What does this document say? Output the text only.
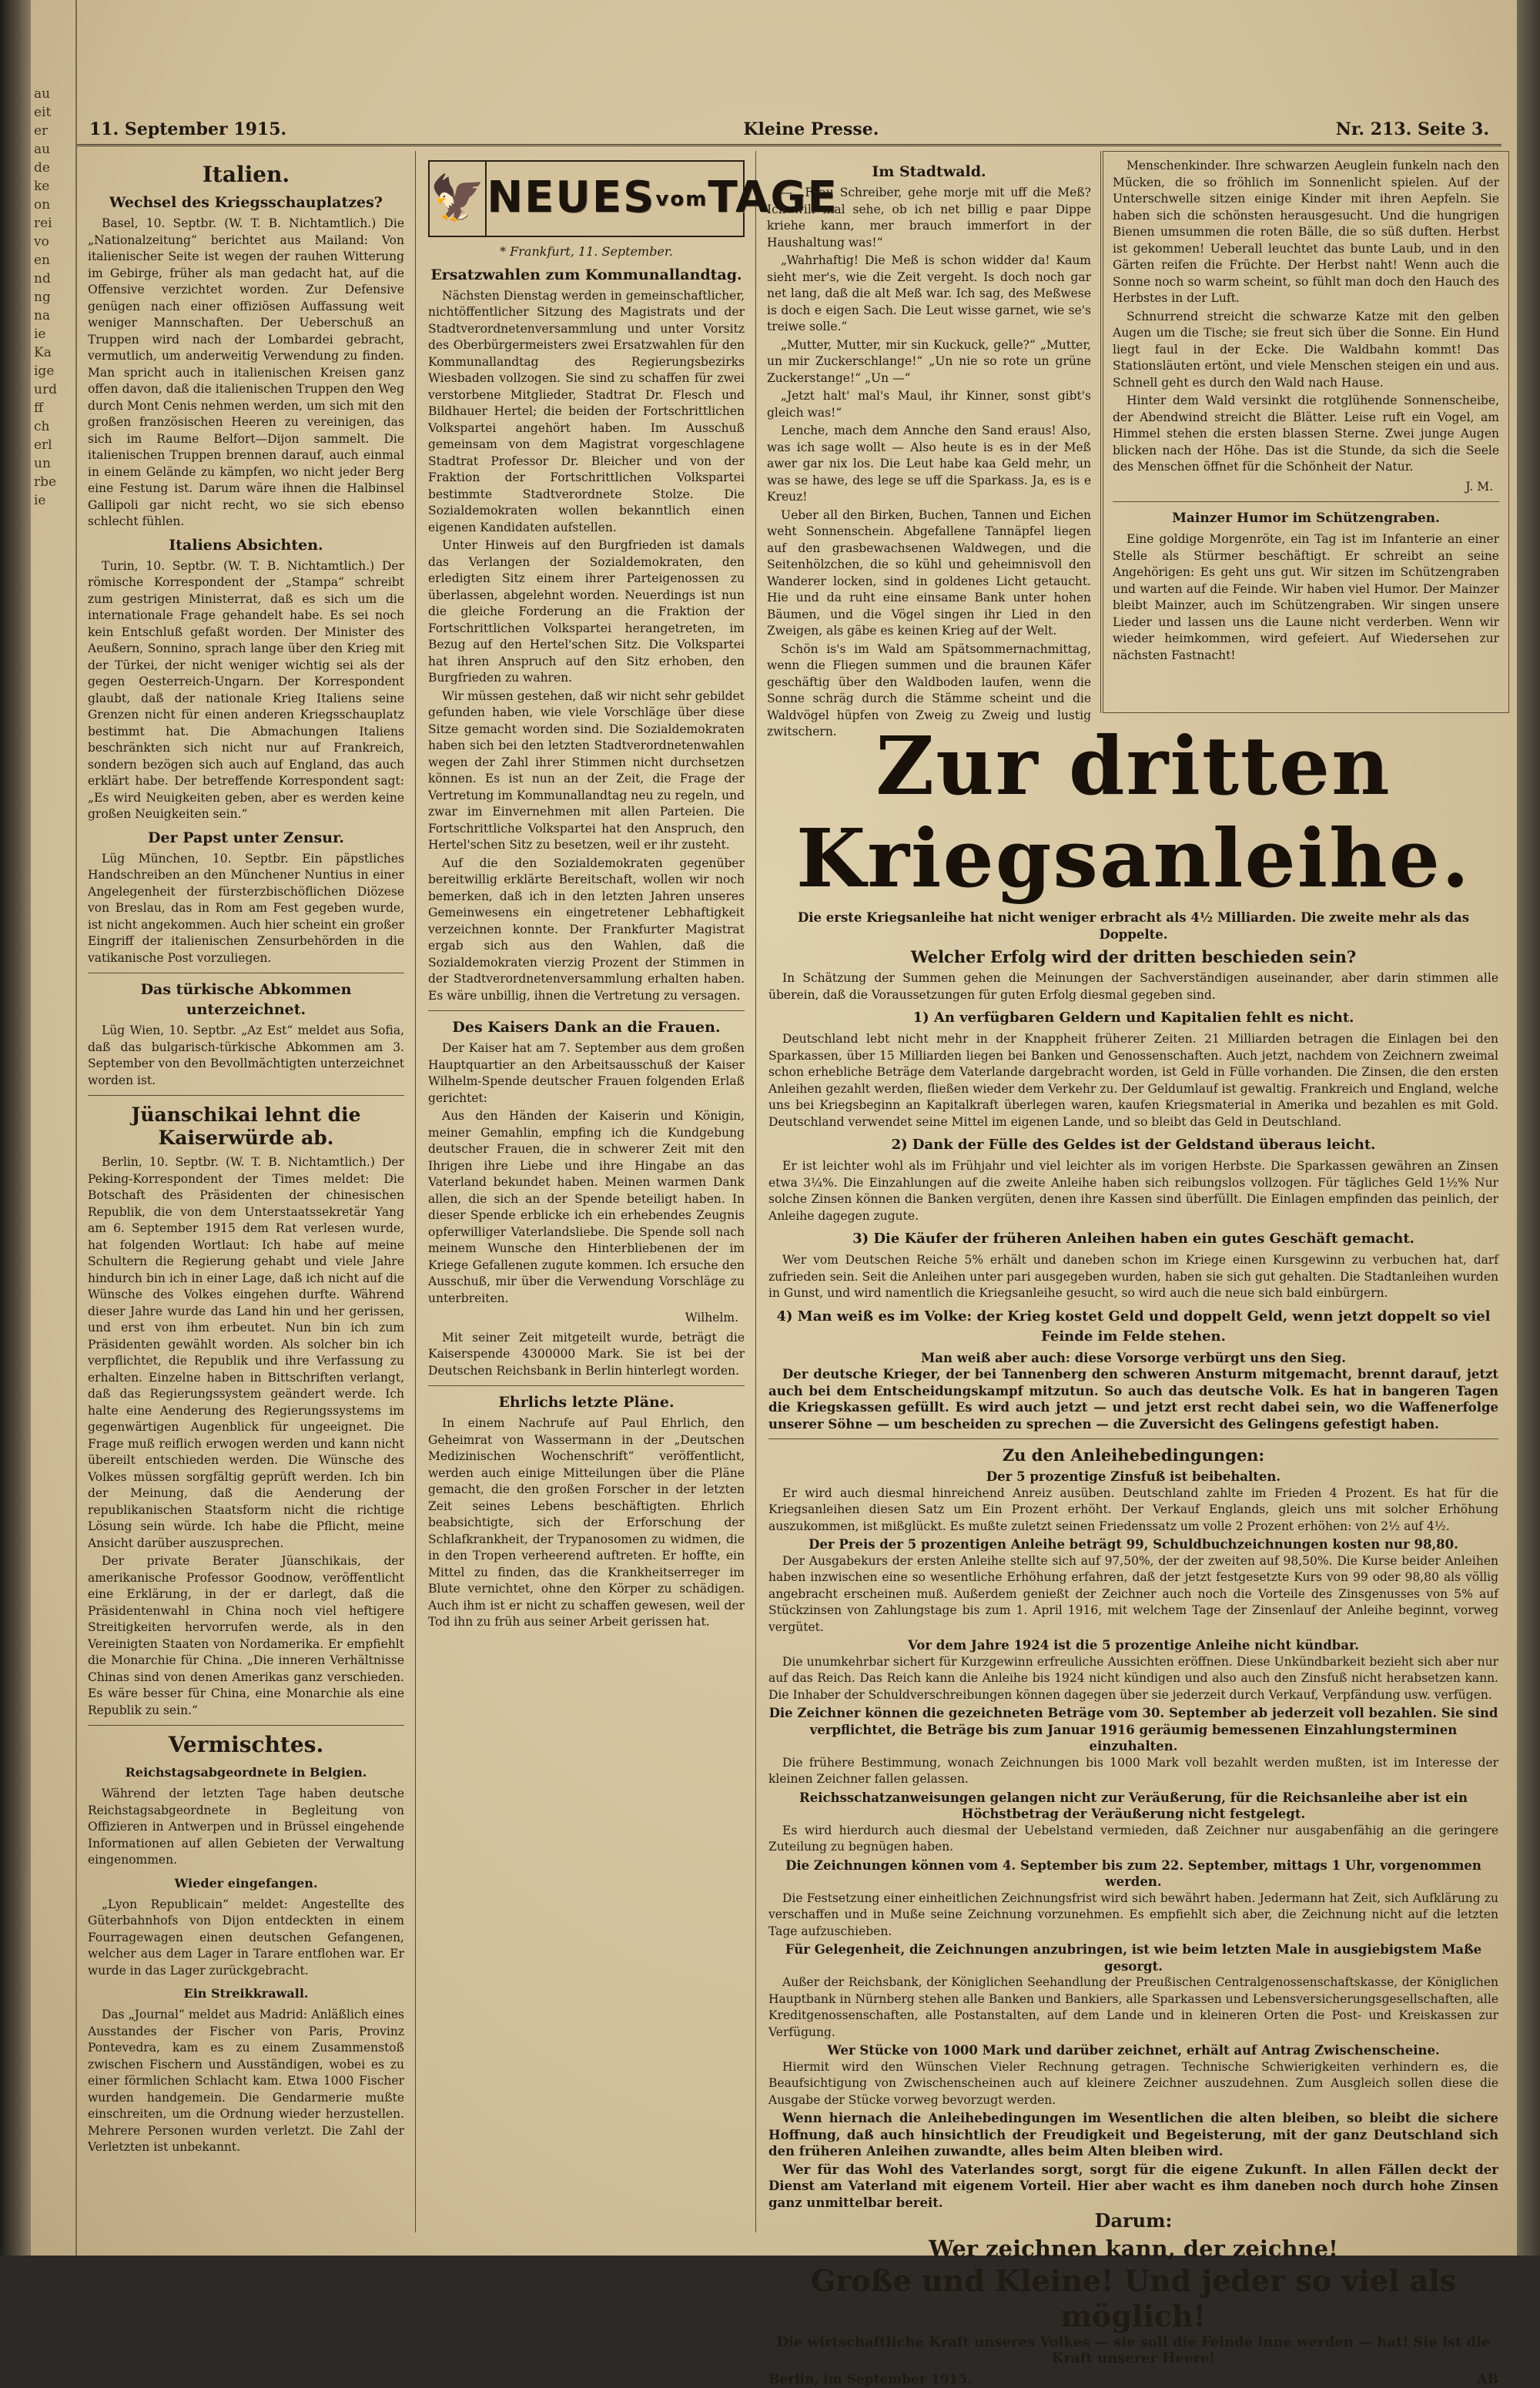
au
eit
er
au
de
ke
on
rei
vo
en
nd
ng
na
ie
Ka
ige
urd
ff
ch
erl
un
rbe
ie
11. September 1915.	Kleine Presse.	Nr. 213. Seite 3.
Italien.
Wechsel des Kriegsschauplatzes?

Basel, 10. Septbr. (W. T. B. Nichtamtlich.) Die „Nationalzeitung“ berichtet aus Mailand: Von italienischer Seite ist wegen der rauhen Witterung im Gebirge, früher als man gedacht hat, auf die Offensive verzichtet worden. Zur Defensive genügen nach einer offiziösen Auffassung weit weniger Mannschaften. Der Ueberschuß an Truppen wird nach der Lombardei gebracht, vermutlich, um anderweitig Verwendung zu finden. Man spricht auch in italienischen Kreisen ganz offen davon, daß die italienischen Truppen den Weg durch Mont Cenis nehmen werden, um sich mit den großen französischen Heeren zu vereinigen, das sich im Raume Belfort—Dijon sammelt. Die italienischen Truppen brennen darauf, auch einmal in einem Gelände zu kämpfen, wo nicht jeder Berg eine Festung ist. Darum wäre ihnen die Halbinsel Gallipoli gar nicht recht, wo sie sich ebenso schlecht fühlen.

Italiens Absichten.

Turin, 10. Septbr. (W. T. B. Nichtamtlich.) Der römische Korrespondent der „Stampa“ schreibt zum gestrigen Ministerrat, daß es sich um die internationale Frage gehandelt habe. Es sei noch kein Entschluß gefaßt worden. Der Minister des Aeußern, Sonnino, sprach lange über den Krieg mit der Türkei, der nicht weniger wichtig sei als der gegen Oesterreich-Ungarn. Der Korrespondent glaubt, daß der nationale Krieg Italiens seine Grenzen nicht für einen anderen Kriegsschauplatz bestimmt hat. Die Abmachungen Italiens beschränkten sich nicht nur auf Frankreich, sondern bezögen sich auch auf England, das auch erklärt habe. Der betreffende Korrespondent sagt: „Es wird Neuigkeiten geben, aber es werden keine großen Neuigkeiten sein.“

Der Papst unter Zensur.

Lüg München, 10. Septbr. Ein päpstliches Handschreiben an den Münchener Nuntius in einer Angelegenheit der fürsterzbischöflichen Diözese von Breslau, das in Rom am Fest gegeben wurde, ist nicht angekommen. Auch hier scheint ein großer Eingriff der italienischen Zensurbehörden in die vatikanische Post vorzuliegen.

Das türkische Abkommen unterzeichnet.

Lüg Wien, 10. Septbr. „Az Est“ meldet aus Sofia, daß das bulgarisch-türkische Abkommen am 3. September von den Bevollmächtigten unterzeichnet worden ist.

Jüanschikai lehnt die Kaiserwürde ab.

Berlin, 10. Septbr. (W. T. B. Nichtamtlich.) Der Peking-Korrespondent der Times meldet: Die Botschaft des Präsidenten der chinesischen Republik, die von dem Unterstaatssekretär Yang am 6. September 1915 dem Rat verlesen wurde, hat folgenden Wortlaut: Ich habe auf meine Schultern die Regierung gehabt und viele Jahre hindurch bin ich in einer Lage, daß ich nicht auf die Wünsche des Volkes eingehen durfte. Während dieser Jahre wurde das Land hin und her gerissen, und erst von ihm erbeutet. Nun bin ich zum Präsidenten gewählt worden. Als solcher bin ich verpflichtet, die Republik und ihre Verfassung zu erhalten. Einzelne haben in Bittschriften verlangt, daß das Regierungssystem geändert werde. Ich halte eine Aenderung des Regierungssystems im gegenwärtigen Augenblick für ungeeignet. Die Frage muß reiflich erwogen werden und kann nicht übereilt entschieden werden. Die Wünsche des Volkes müssen sorgfältig geprüft werden. Ich bin der Meinung, daß die Aenderung der republikanischen Staatsform nicht die richtige Lösung sein würde. Ich habe die Pflicht, meine Ansicht darüber auszusprechen.

Der private Berater Jüanschikais, der amerikanische Professor Goodnow, veröffentlicht eine Erklärung, in der er darlegt, daß die Präsidentenwahl in China noch viel heftigere Streitigkeiten hervorrufen werde, als in den Vereinigten Staaten von Nordamerika. Er empfiehlt die Monarchie für China. „Die inneren Verhältnisse Chinas sind von denen Amerikas ganz verschieden. Es wäre besser für China, eine Monarchie als eine Republik zu sein.“

Vermischtes.
Reichstagsabgeordnete in Belgien.

Während der letzten Tage haben deutsche Reichstagsabgeordnete in Begleitung von Offizieren in Antwerpen und in Brüssel eingehende Informationen auf allen Gebieten der Verwaltung eingenommen.

Wieder eingefangen.

„Lyon Republicain“ meldet: Angestellte des Güterbahnhofs von Dijon entdeckten in einem Fourragewagen einen deutschen Gefangenen, welcher aus dem Lager in Tarare entflohen war. Er wurde in das Lager zurückgebracht.

Ein Streikkrawall.

Das „Journal“ meldet aus Madrid: Anläßlich eines Ausstandes der Fischer von Paris, Provinz Pontevedra, kam es zu einem Zusammenstoß zwischen Fischern und Ausständigen, wobei es zu einer förmlichen Schlacht kam. Etwa 1000 Fischer wurden handgemein. Die Gendarmerie mußte einschreiten, um die Ordnung wieder herzustellen. Mehrere Personen wurden verletzt. Die Zahl der Verletzten ist unbekannt.

🦅 NEUESvomTAGE
* Frankfurt, 11. September.
Ersatzwahlen zum Kommunallandtag.

Nächsten Dienstag werden in gemeinschaftlicher, nichtöffentlicher Sitzung des Magistrats und der Stadtverordnetenversammlung und unter Vorsitz des Oberbürgermeisters zwei Ersatzwahlen für den Kommunallandtag des Regierungsbezirks Wiesbaden vollzogen. Sie sind zu schaffen für zwei verstorbene Mitglieder, Stadtrat Dr. Flesch und Bildhauer Hertel; die beiden der Fortschrittlichen Volkspartei angehört haben. Im Ausschuß gemeinsam von dem Magistrat vorgeschlagene Stadtrat Professor Dr. Bleicher und von der Fraktion der Fortschrittlichen Volkspartei bestimmte Stadtverordnete Stolze. Die Sozialdemokraten wollen bekanntlich einen eigenen Kandidaten aufstellen.

Unter Hinweis auf den Burgfrieden ist damals das Verlangen der Sozialdemokraten, den erledigten Sitz einem ihrer Parteigenossen zu überlassen, abgelehnt worden. Neuerdings ist nun die gleiche Forderung an die Fraktion der Fortschrittlichen Volkspartei herangetreten, im Bezug auf den Hertel'schen Sitz. Die Volkspartei hat ihren Anspruch auf den Sitz erhoben, den Burgfrieden zu wahren.

Wir müssen gestehen, daß wir nicht sehr gebildet gefunden haben, wie viele Vorschläge über diese Sitze gemacht worden sind. Die Sozialdemokraten haben sich bei den letzten Stadtverordnetenwahlen wegen der Zahl ihrer Stimmen nicht durchsetzen können. Es ist nun an der Zeit, die Frage der Vertretung im Kommunallandtag neu zu regeln, und zwar im Einvernehmen mit allen Parteien. Die Fortschrittliche Volkspartei hat den Anspruch, den Hertel'schen Sitz zu besetzen, weil er ihr zusteht.

Auf die den Sozialdemokraten gegenüber bereitwillig erklärte Bereitschaft, wollen wir noch bemerken, daß ich in den letzten Jahren unseres Gemeinwesens ein eingetretener Lebhaftigkeit verzeichnen konnte. Der Frankfurter Magistrat ergab sich aus den Wahlen, daß die Sozialdemokraten vierzig Prozent der Stimmen in der Stadtverordnetenversammlung erhalten haben. Es wäre unbillig, ihnen die Vertretung zu versagen.

Des Kaisers Dank an die Frauen.

Der Kaiser hat am 7. September aus dem großen Hauptquartier an den Arbeitsausschuß der Kaiser Wilhelm-Spende deutscher Frauen folgenden Erlaß gerichtet:

Aus den Händen der Kaiserin und Königin, meiner Gemahlin, empfing ich die Kundgebung deutscher Frauen, die in schwerer Zeit mit den Ihrigen ihre Liebe und ihre Hingabe an das Vaterland bekundet haben. Meinen warmen Dank allen, die sich an der Spende beteiligt haben. In dieser Spende erblicke ich ein erhebendes Zeugnis opferwilliger Vaterlandsliebe. Die Spende soll nach meinem Wunsche den Hinterbliebenen der im Kriege Gefallenen zugute kommen. Ich ersuche den Ausschuß, mir über die Verwendung Vorschläge zu unterbreiten.

Wilhelm.

Mit seiner Zeit mitgeteilt wurde, beträgt die Kaiserspende 4300000 Mark. Sie ist bei der Deutschen Reichsbank in Berlin hinterlegt worden.

Ehrlichs letzte Pläne.

In einem Nachrufe auf Paul Ehrlich, den Geheimrat von Wassermann in der „Deutschen Medizinischen Wochenschrift“ veröffentlicht, werden auch einige Mitteilungen über die Pläne gemacht, die den großen Forscher in der letzten Zeit seines Lebens beschäftigten. Ehrlich beabsichtigte, sich der Erforschung der Schlafkrankheit, der Trypanosomen zu widmen, die in den Tropen verheerend auftreten. Er hoffte, ein Mittel zu finden, das die Krankheitserreger im Blute vernichtet, ohne den Körper zu schädigen. Auch ihm ist er nicht zu schaffen gewesen, weil der Tod ihn zu früh aus seiner Arbeit gerissen hat.

Im Stadtwald.

— „Frau Schreiber, gehe morje mit uff die Meß? Ich will mal sehe, ob ich net billig e paar Dippe kriehe kann, mer brauch immerfort in der Haushaltung was!“

„Wahrhaftig! Die Meß is schon widder da! Kaum sieht mer's, wie die Zeit vergeht. Is doch noch gar net lang, daß die alt Meß war. Ich sag, des Meßwese is doch e eigen Sach. Die Leut wisse garnet, wie se's treiwe solle.“

„Mutter, Mutter, mir sin Kuckuck, gelle?“ „Mutter, un mir Zuckerschlange!“ „Un nie so rote un grüne Zuckerstange!“ „Un —“

„Jetzt halt' mal's Maul, ihr Kinner, sonst gibt's gleich was!“

Lenche, mach dem Annche den Sand eraus! Also, was ich sage wollt — Also heute is es in der Meß awer gar nix los. Die Leut habe kaa Geld mehr, un was se hawe, des lege se uff die Sparkass. Ja, es is e Kreuz!

Ueber all den Birken, Buchen, Tannen und Eichen weht Sonnenschein. Abgefallene Tannäpfel liegen auf den grasbewachsenen Waldwegen, und die Seitenhölzchen, die so kühl und geheimnisvoll den Wanderer locken, sind in goldenes Licht getaucht. Hie und da ruht eine einsame Bank unter hohen Bäumen, und die Vögel singen ihr Lied in den Zweigen, als gäbe es keinen Krieg auf der Welt.

Schön is's im Wald am Spätsommernachmittag, wenn die Fliegen summen und die braunen Käfer geschäftig über den Waldboden laufen, wenn die Sonne schräg durch die Stämme scheint und die Waldvögel hüpfen von Zweig zu Zweig und lustig zwitschern.

Menschenkinder. Ihre schwarzen Aeuglein funkeln nach den Mücken, die so fröhlich im Sonnenlicht spielen. Auf der Unterschwelle sitzen einige Kinder mit ihren Aepfeln. Sie haben sich die schönsten herausgesucht. Und die hungrigen Bienen umsummen die roten Bälle, die so süß duften. Herbst ist gekommen! Ueberall leuchtet das bunte Laub, und in den Gärten reifen die Früchte. Der Herbst naht! Wenn auch die Sonne noch so warm scheint, so fühlt man doch den Hauch des Herbstes in der Luft.

Schnurrend streicht die schwarze Katze mit den gelben Augen um die Tische; sie freut sich über die Sonne. Ein Hund liegt faul in der Ecke. Die Waldbahn kommt! Das Stationsläuten ertönt, und viele Menschen steigen ein und aus. Schnell geht es durch den Wald nach Hause.

Hinter dem Wald versinkt die rotglühende Sonnenscheibe, der Abendwind streicht die Blätter. Leise ruft ein Vogel, am Himmel stehen die ersten blassen Sterne. Zwei junge Augen blicken nach der Höhe. Das ist die Stunde, da sich die Seele des Menschen öffnet für die Schönheit der Natur.

J. M.
Mainzer Humor im Schützengraben.

Eine goldige Morgenröte, ein Tag ist im Infanterie an einer Stelle als Stürmer beschäftigt. Er schreibt an seine Angehörigen: Es geht uns gut. Wir sitzen im Schützengraben und warten auf die Feinde. Wir haben viel Humor. Der Mainzer bleibt Mainzer, auch im Schützengraben. Wir singen unsere Lieder und lassen uns die Laune nicht verderben. Wenn wir wieder heimkommen, wird gefeiert. Auf Wiedersehen zur nächsten Fastnacht!

Zur dritten Kriegsanleihe.
Die erste Kriegsanleihe hat nicht weniger erbracht als 4½ Milliarden. Die zweite mehr als das Doppelte.
Welcher Erfolg wird der dritten beschieden sein?

In Schätzung der Summen gehen die Meinungen der Sachverständigen auseinander, aber darin stimmen alle überein, daß die Voraussetzungen für guten Erfolg diesmal gegeben sind.

1) An verfügbaren Geldern und Kapitalien fehlt es nicht.

Deutschland lebt nicht mehr in der Knappheit früherer Zeiten. 21 Milliarden betragen die Einlagen bei den Sparkassen, über 15 Milliarden liegen bei Banken und Genossenschaften. Auch jetzt, nachdem von Zeichnern zweimal schon erhebliche Beträge dem Vaterlande dargebracht worden, ist Geld in Fülle vorhanden. Die Zinsen, die den ersten Anleihen gezahlt werden, fließen wieder dem Verkehr zu. Der Geldumlauf ist gewaltig. Frankreich und England, welche uns bei Kriegsbeginn an Kapitalkraft überlegen waren, kaufen Kriegsmaterial in Amerika und bezahlen es mit Gold. Deutschland verwendet seine Mittel im eigenen Lande, und so bleibt das Geld in Deutschland.

2) Dank der Fülle des Geldes ist der Geldstand überaus leicht.

Er ist leichter wohl als im Frühjahr und viel leichter als im vorigen Herbste. Die Sparkassen gewähren an Zinsen etwa 3¼%. Die Einzahlungen auf die zweite Anleihe haben sich reibungslos vollzogen. Für tägliches Geld 1½% Nur solche Zinsen können die Banken vergüten, denen ihre Kassen sind überfüllt. Die Einlagen empfinden das peinlich, der Anleihe dagegen zugute.

3) Die Käufer der früheren Anleihen haben ein gutes Geschäft gemacht.

Wer vom Deutschen Reiche 5% erhält und daneben schon im Kriege einen Kursgewinn zu verbuchen hat, darf zufrieden sein. Seit die Anleihen unter pari ausgegeben wurden, haben sie sich gut gehalten. Die Stadtanleihen wurden in Gunst, und wird namentlich die Kriegsanleihe gesucht, so wird auch die neue sich bald einbürgern.

4) Man weiß es im Volke: der Krieg kostet Geld und doppelt Geld, wenn jetzt doppelt so viel Feinde im Felde stehen.
Man weiß aber auch: diese Vorsorge verbürgt uns den Sieg.

Der deutsche Krieger, der bei Tannenberg den schweren Ansturm mitgemacht, brennt darauf, jetzt auch bei dem Entscheidungskampf mitzutun. So auch das deutsche Volk. Es hat in bangeren Tagen die Kriegskassen gefüllt. Es wird auch jetzt — und jetzt erst recht dabei sein, wo die Waffenerfolge unserer Söhne — um bescheiden zu sprechen — die Zuversicht des Gelingens gefestigt haben.

Zu den Anleihebedingungen:
Der 5 prozentige Zinsfuß ist beibehalten.

Er wird auch diesmal hinreichend Anreiz ausüben. Deutschland zahlte im Frieden 4 Prozent. Es hat für die Kriegsanleihen diesen Satz um Ein Prozent erhöht. Der Verkauf Englands, gleich uns mit solcher Erhöhung auszukommen, ist mißglückt. Es mußte zuletzt seinen Friedenssatz um volle 2 Prozent erhöhen: von 2½ auf 4½.

Der Preis der 5 prozentigen Anleihe beträgt 99, Schuldbuchzeichnungen kosten nur 98,80.

Der Ausgabekurs der ersten Anleihe stellte sich auf 97,50%, der der zweiten auf 98,50%. Die Kurse beider Anleihen haben inzwischen eine so wesentliche Erhöhung erfahren, daß der jetzt festgesetzte Kurs von 99 oder 98,80 als völlig angebracht erscheinen muß. Außerdem genießt der Zeichner auch noch die Vorteile des Zinsgenusses von 5% auf Stückzinsen von Zahlungstage bis zum 1. April 1916, mit welchem Tage der Zinsenlauf der Anleihe beginnt, vorweg vergütet.

Vor dem Jahre 1924 ist die 5 prozentige Anleihe nicht kündbar.

Die unumkehrbar sichert für Kurzgewinn erfreuliche Aussichten eröffnen. Diese Unkündbarkeit bezieht sich aber nur auf das Reich. Das Reich kann die Anleihe bis 1924 nicht kündigen und also auch den Zinsfuß nicht herabsetzen kann. Die Inhaber der Schuldverschreibungen können dagegen über sie jederzeit durch Verkauf, Verpfändung usw. verfügen.

Die Zeichner können die gezeichneten Beträge vom 30. September ab jederzeit voll bezahlen. Sie sind verpflichtet, die Beträge bis zum Januar 1916 geräumig bemessenen Einzahlungsterminen einzuhalten.

Die frühere Bestimmung, wonach Zeichnungen bis 1000 Mark voll bezahlt werden mußten, ist im Interesse der kleinen Zeichner fallen gelassen.

Reichsschatzanweisungen gelangen nicht zur Veräußerung, für die Reichsanleihe aber ist ein Höchstbetrag der Veräußerung nicht festgelegt.

Es wird hierdurch auch diesmal der Uebelstand vermieden, daß Zeichner nur ausgabenfähig an die geringere Zuteilung zu begnügen haben.

Die Zeichnungen können vom 4. September bis zum 22. September, mittags 1 Uhr, vorgenommen werden.

Die Festsetzung einer einheitlichen Zeichnungsfrist wird sich bewährt haben. Jedermann hat Zeit, sich Aufklärung zu verschaffen und in Muße seine Zeichnung vorzunehmen. Es empfiehlt sich aber, die Zeichnung nicht auf die letzten Tage aufzuschieben.

Für Gelegenheit, die Zeichnungen anzubringen, ist wie beim letzten Male in ausgiebigstem Maße gesorgt.

Außer der Reichsbank, der Königlichen Seehandlung der Preußischen Centralgenossenschaftskasse, der Königlichen Hauptbank in Nürnberg stehen alle Banken und Bankiers, alle Sparkassen und Lebensversicherungsgesellschaften, alle Kreditgenossenschaften, alle Postanstalten, auf dem Lande und in kleineren Orten die Post- und Kreiskassen zur Verfügung.

Wer Stücke von 1000 Mark und darüber zeichnet, erhält auf Antrag Zwischenscheine.

Hiermit wird den Wünschen Vieler Rechnung getragen. Technische Schwierigkeiten verhindern es, die Beaufsichtigung von Zwischenscheinen auch auf kleinere Zeichner auszudehnen. Zum Ausgleich sollen diese die Ausgabe der Stücke vorweg bevorzugt werden.

Wenn hiernach die Anleihebedingungen im Wesentlichen die alten bleiben, so bleibt die sichere Hoffnung, daß auch hinsichtlich der Freudigkeit und Begeisterung, mit der ganz Deutschland sich den früheren Anleihen zuwandte, alles beim Alten bleiben wird.

Wer für das Wohl des Vaterlandes sorgt, sorgt für die eigene Zukunft. In allen Fällen deckt der Dienst am Vaterland mit eigenem Vorteil. Hier aber wacht es ihm daneben noch durch hohe Zinsen ganz unmittelbar bereit.

Darum:
Wer zeichnen kann, der zeichne!
Große und Kleine! Und jeder so viel als möglich!
Die wirtschaftliche Kraft unseres Volkes — sie soll die Feinde inne werden — hat! Sie ist die Kraft unserer Heere!
Berlin, im September 1915.	AB
